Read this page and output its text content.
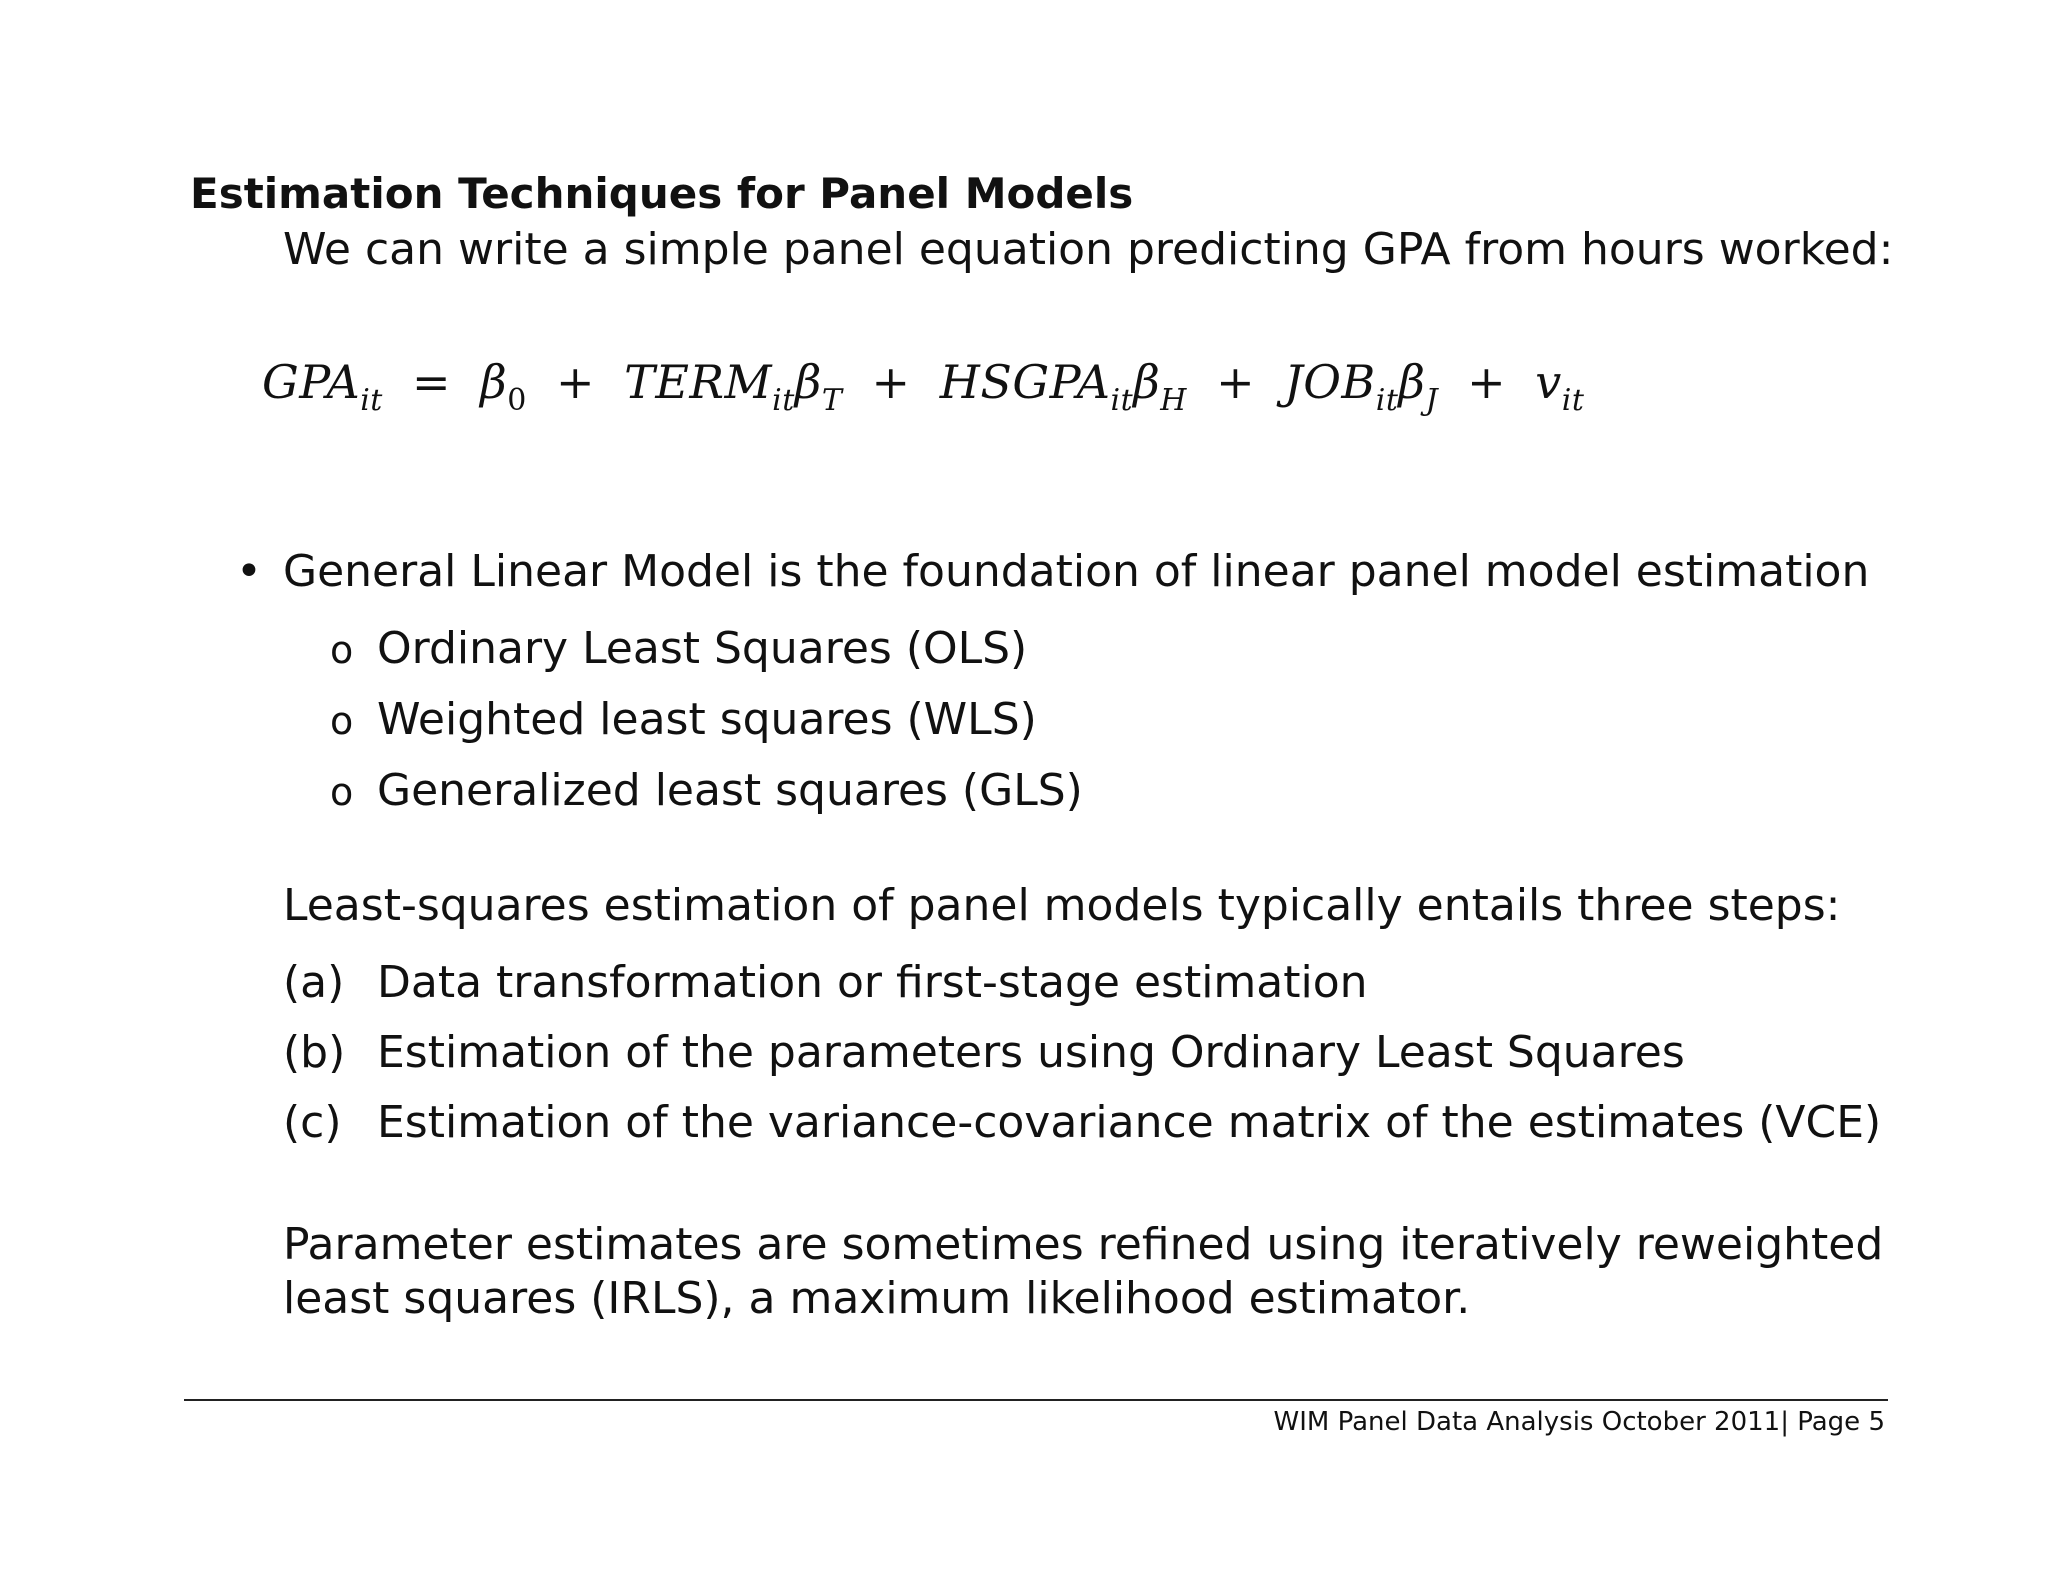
Estimation Techniques for Panel Models
We can write a simple panel equation predicting GPA from hours worked:
$GPA_{it} = \beta_0$ + $TERM_{it}\beta_T$ + $HSGPA_{it}\beta_H + JOB_{it}\beta_J + v_{it}$
• General Linear Model is the foundation of linear panel model estimation
o Ordinary Least Squares (OLS)
o Weighted least squares (WLS)
o Generalized least squares (GLS)
Least-squares estimation of panel models typically entails three steps:
(a) Data transformation or first-stage estimation
(b) Estimation of the parameters using Ordinary Least Squares
(c) Estimation of the variance-covariance matrix of the estimates (VCE)
Parameter estimates are sometimes refined using iteratively reweighted least squares (IRLS), a maximum likelihood estimator.
WIM Panel Data Analysis October 2011| Page 5
